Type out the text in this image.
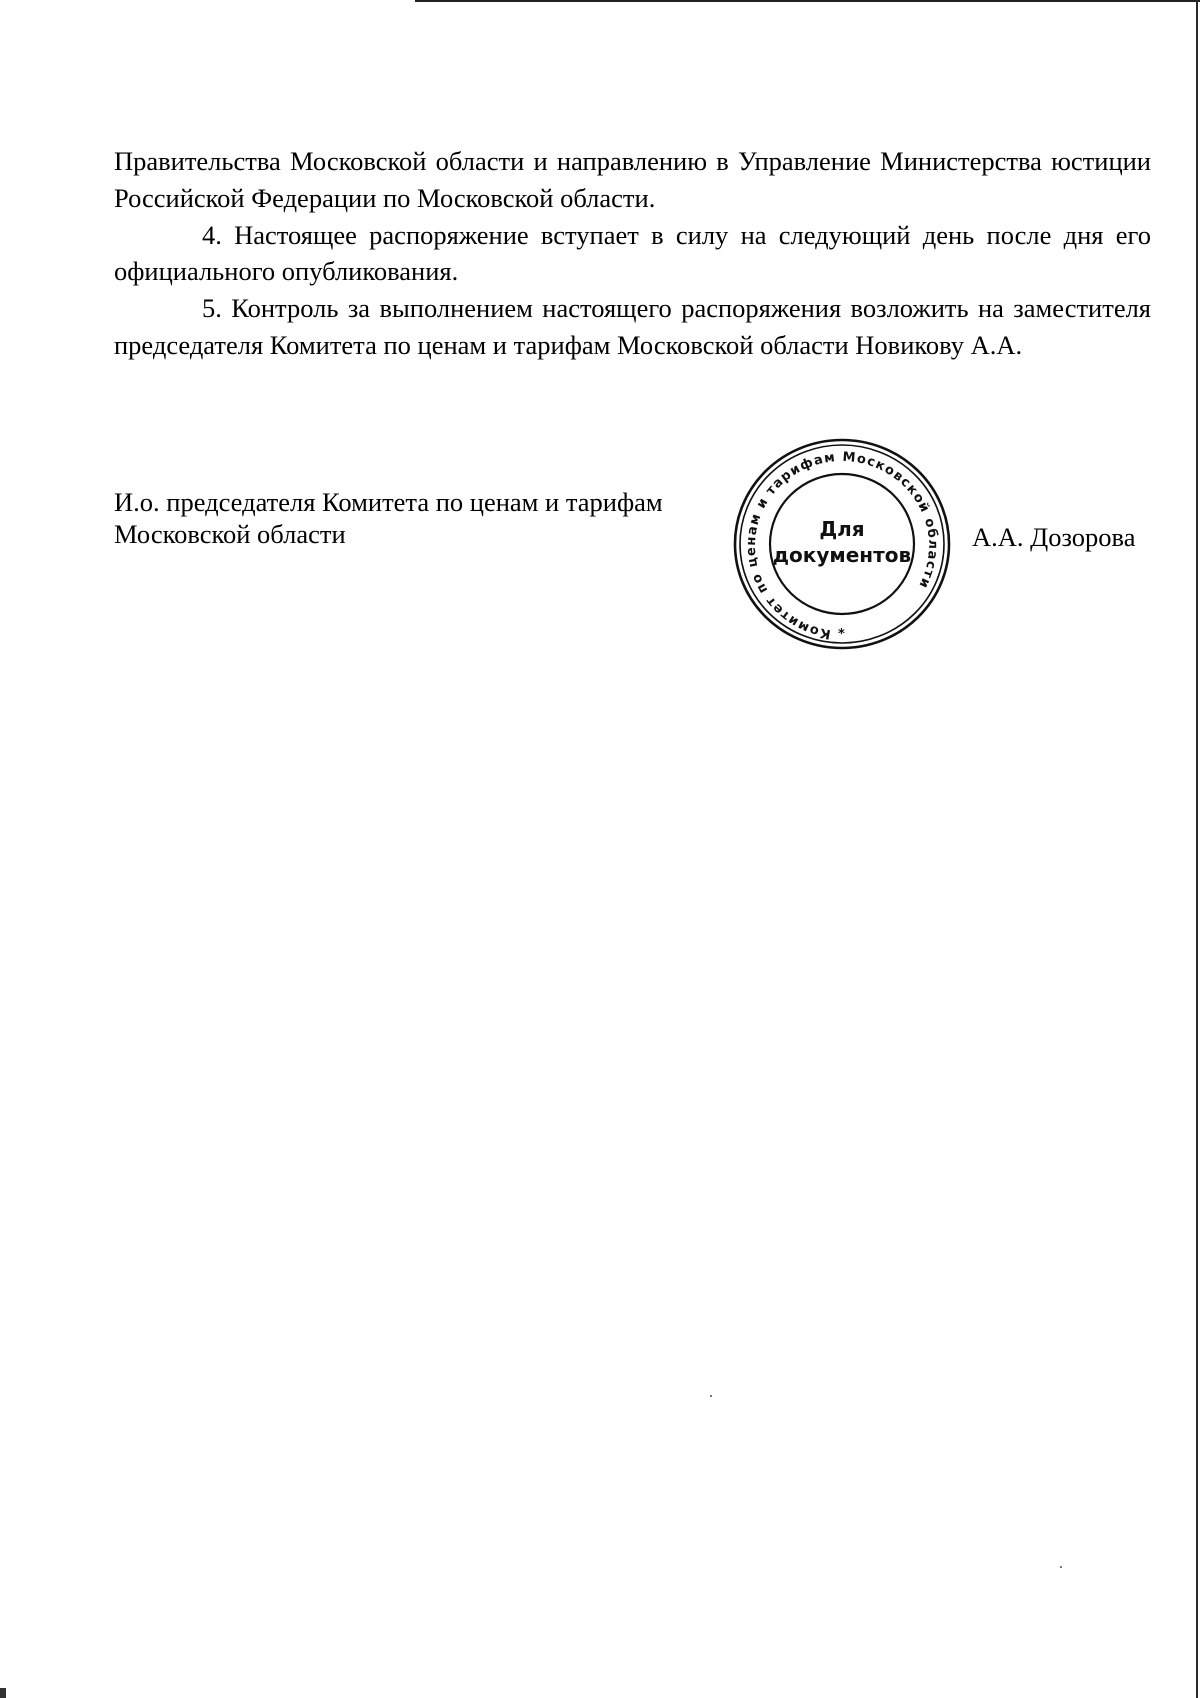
Правительства Московской области и направлению в Управление Министерства юстиции Российской Федерации по Московской области.

4. Настоящее распоряжение вступает в силу на следующий день после дня его официального опубликования.

5. Контроль за выполнением настоящего распоряжения возложить на заместителя председателя Комитета по ценам и тарифам Московской области Новикову А.А.

И.о. председателя Комитета по ценам и тарифам
Московской области
Комитет по ценам и тарифам Московской области
Для
документов
*
А.А. Дозорова
